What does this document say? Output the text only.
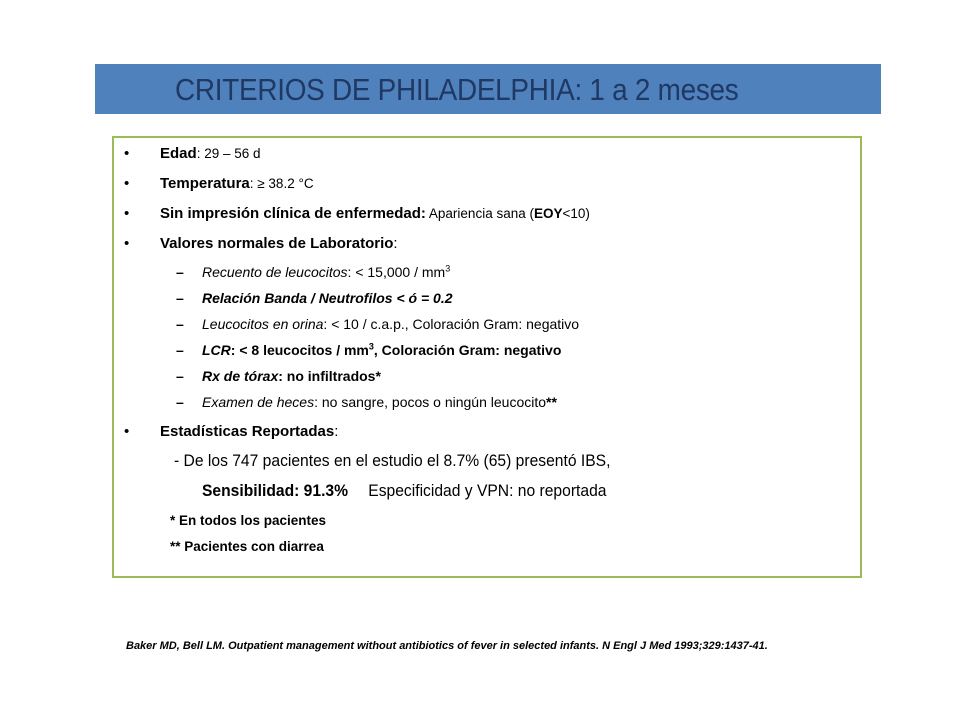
CRITERIOS DE PHILADELPHIA: 1 a 2 meses
• Edad: 29 – 56 d
• Temperatura: ≥ 38.2 °C
• Sin impresión clínica de enfermedad: Apariencia sana (EOY<10)
• Valores normales de Laboratorio:
– Recuento de leucocitos: < $15,000 / mm^3$
– Relación Banda / Neutrofilos < ó = 0.2
– Leucocitos en orina: < 10 / c.a.p., Coloración Gram: negativo
– LCR: < 8 leucocitos / $mm^3$, Coloración Gram: negativo
– Rx de tórax: no infiltrados*
– Examen de heces: no sangre, pocos o ningún leucocito**
• Estadísticas Reportadas:
- De los 747 pacientes en el estudio el 8.7% (65) presentó IBS,
Sensibilidad: 91.3% Especificidad y VPN: no reportada
* En todos los pacientes
** Pacientes con diarrea
Baker MD, Bell LM. Outpatient management without antibiotics of fever in selected infants. N Engl J Med 1993;329:1437-41.
